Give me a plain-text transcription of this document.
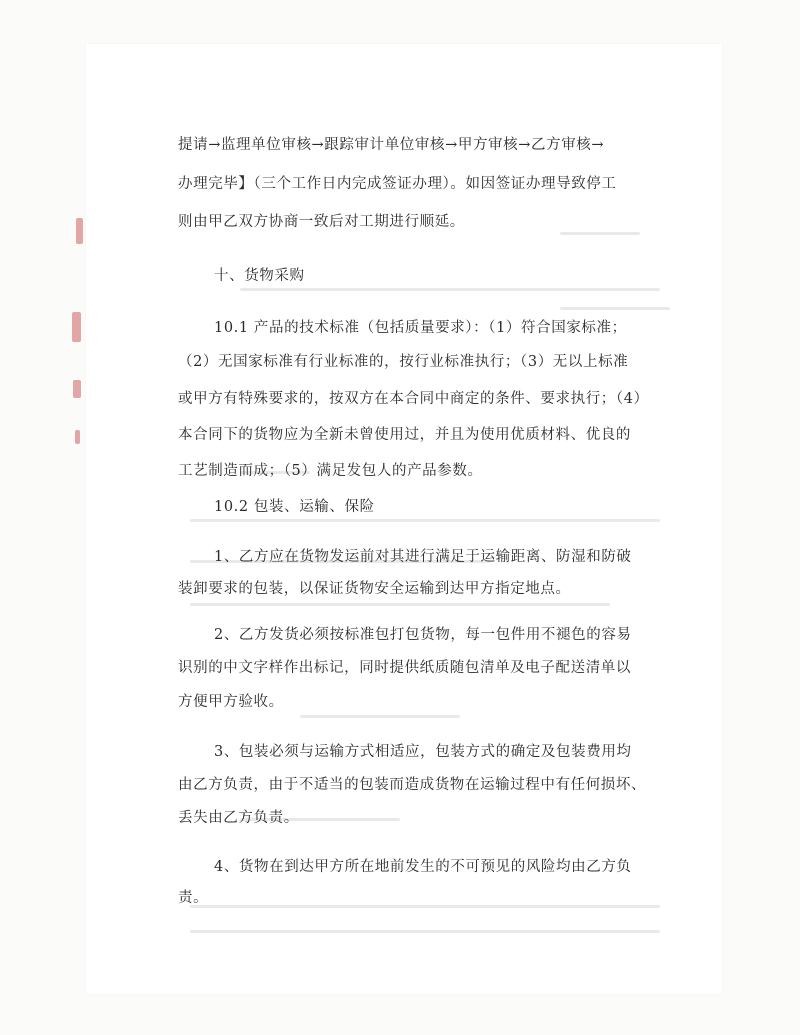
提请→监理单位审核→跟踪审计单位审核→甲方审核→乙方审核→
办理完毕】（三个工作日内完成签证办理）。如因签证办理导致停工
则由甲乙双方协商一致后对工期进行顺延。
十、货物采购
10.1 产品的技术标准（包括质量要求）：（1）符合国家标准；
（2）无国家标准有行业标准的，按行业标准执行；（3）无以上标准
或甲方有特殊要求的，按双方在本合同中商定的条件、要求执行；（4）
本合同下的货物应为全新未曾使用过，并且为使用优质材料、优良的
工艺制造而成；（5）满足发包人的产品参数。
10.2 包装、运输、保险
1、乙方应在货物发运前对其进行满足于运输距离、防湿和防破
装卸要求的包装，以保证货物安全运输到达甲方指定地点。
2、乙方发货必须按标准包打包货物，每一包件用不褪色的容易
识别的中文字样作出标记，同时提供纸质随包清单及电子配送清单以
方便甲方验收。
3、包装必须与运输方式相适应，包装方式的确定及包装费用均
由乙方负责，由于不适当的包装而造成货物在运输过程中有任何损坏、
丢失由乙方负责。
4、货物在到达甲方所在地前发生的不可预见的风险均由乙方负
责。
